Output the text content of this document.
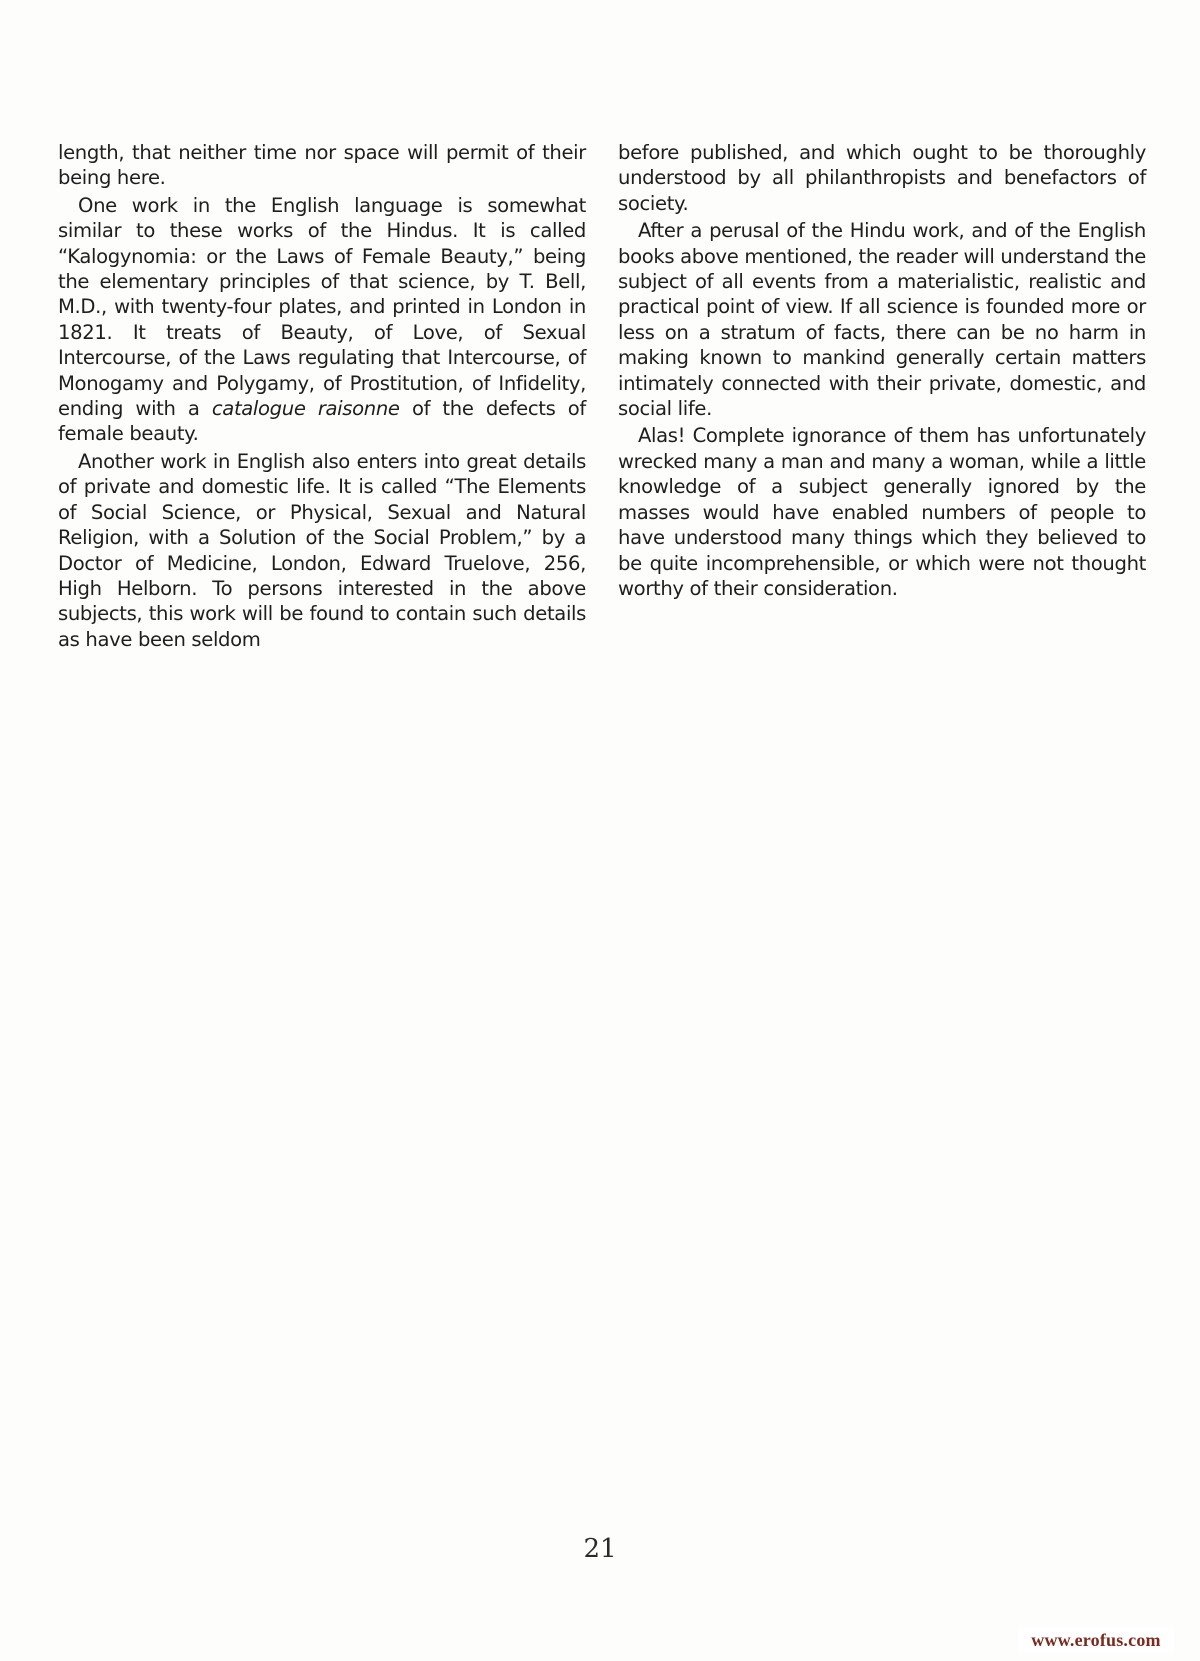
length, that neither time nor space will permit of their being here.

One work in the English language is somewhat similar to these works of the Hindus. It is called “Kalogynomia: or the Laws of Female Beauty,” being the elementary principles of that science, by T. Bell, M.D., with twenty-four plates, and printed in London in 1821. It treats of Beauty, of Love, of Sexual Intercourse, of the Laws regulating that Intercourse, of Monogamy and Polygamy, of Prostitution, of Infidelity, ending with a catalogue raisonne of the defects of female beauty.

Another work in English also enters into great details of private and domestic life. It is called “The Elements of Social Science, or Physical, Sexual and Natural Religion, with a Solution of the Social Problem,” by a Doctor of Medicine, London, Edward Truelove, 256, High Helborn. To persons interested in the above subjects, this work will be found to contain such details as have been seldom

before published, and which ought to be thoroughly understood by all philanthropists and benefactors of society.

After a perusal of the Hindu work, and of the English books above mentioned, the reader will understand the subject of all events from a materialistic, realistic and practical point of view. If all science is founded more or less on a stratum of facts, there can be no harm in making known to mankind generally certain matters intimately connected with their private, domestic, and social life.

Alas! Complete ignorance of them has unfortunately wrecked many a man and many a woman, while a little knowledge of a subject generally ignored by the masses would have enabled numbers of people to have understood many things which they believed to be quite incomprehensible, or which were not thought worthy of their consideration.

21
www.erofus.com
